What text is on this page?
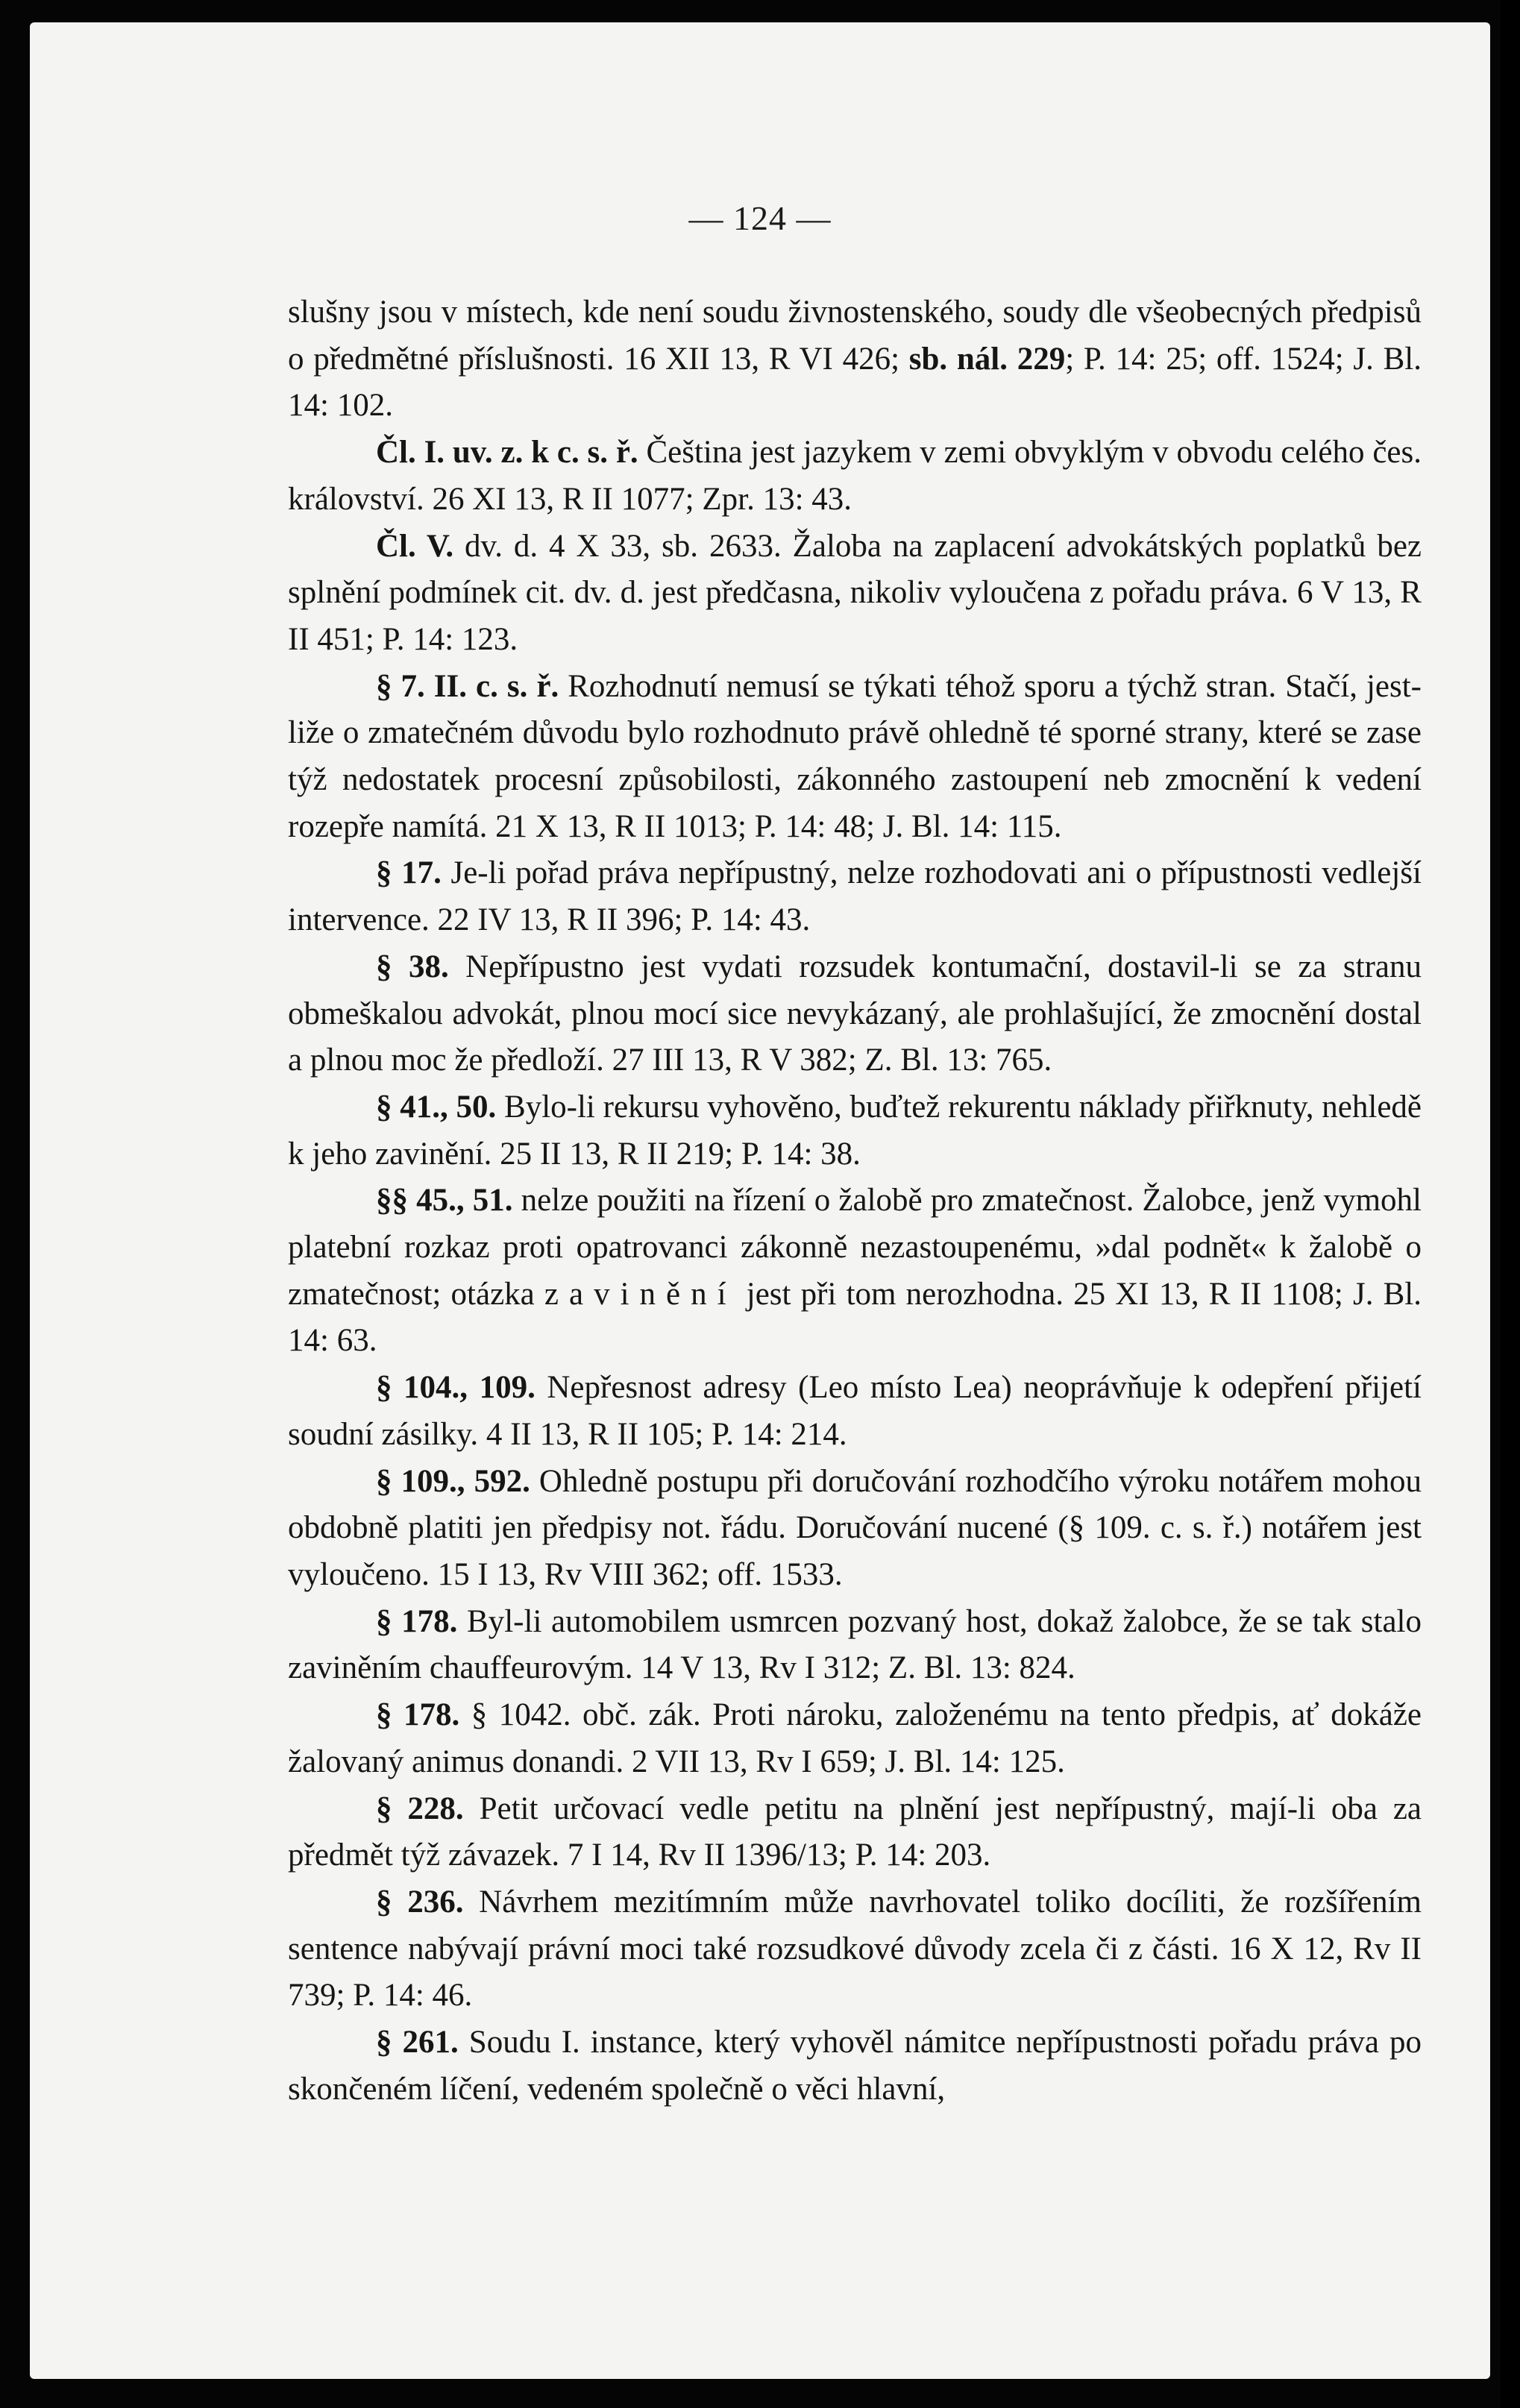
— 124 —

slušny jsou v místech, kde není soudu živnostenského, soudy dle všeobecných předpisů o předmětné příslušnosti. 16 XII 13, R VI 426; sb. nál. 229; P. 14: 25; off. 1524; J. Bl. 14: 102.

Čl. I. uv. z. k c. s. ř. Čeština jest jazykem v zemi obvyklým v obvodu celého čes. království. 26 XI 13, R II 1077; Zpr. 13: 43.

Čl. V. dv. d. 4 X 33, sb. 2633. Žaloba na zaplacení advokátských poplatků bez splnění podmínek cit. dv. d. jest předčasna, nikoliv vyloučena z pořadu práva. 6 V 13, R II 451; P. 14: 123.

§ 7. II. c. s. ř. Rozhodnutí nemusí se týkati téhož sporu a týchž stran. Stačí, jest-liže o zmatečném důvodu bylo rozhodnuto právě ohledně té sporné strany, které se zase týž nedostatek procesní způsobilosti, zákonného zastoupení neb zmocnění k vedení rozepře namítá. 21 X 13, R II 1013; P. 14: 48; J. Bl. 14: 115.

§ 17. Je-li pořad práva nepřípustný, nelze rozhodovati ani o přípustnosti vedlejší intervence. 22 IV 13, R II 396; P. 14: 43.

§ 38. Nepřípustno jest vydati rozsudek kontumační, dostavil-li se za stranu obmeškalou advokát, plnou mocí sice nevykázaný, ale prohlašující, že zmocnění dostal a plnou moc že předloží. 27 III 13, R V 382; Z. Bl. 13: 765.

§ 41., 50. Bylo-li rekursu vyhověno, buďtež rekurentu náklady přiřknuty, nehledě k jeho zavinění. 25 II 13, R II 219; P. 14: 38.

§§ 45., 51. nelze použiti na řízení o žalobě pro zmatečnost. Žalobce, jenž vymohl platební rozkaz proti opatrovanci zákonně nezastoupenému, »dal podnět« k žalobě o zmatečnost; otázka zavinění jest při tom nerozhodna. 25 XI 13, R II 1108; J. Bl. 14: 63.

§ 104., 109. Nepřesnost adresy (Leo místo Lea) neoprávňuje k odepření přijetí soudní zásilky. 4 II 13, R II 105; P. 14: 214.

§ 109., 592. Ohledně postupu při doručování rozhodčího výroku notářem mohou obdobně platiti jen předpisy not. řádu. Doručování nucené (§ 109. c. s. ř.) notářem jest vyloučeno. 15 I 13, Rv VIII 362; off. 1533.

§ 178. Byl-li automobilem usmrcen pozvaný host, dokaž žalobce, že se tak stalo zaviněním chauffeurovým. 14 V 13, Rv I 312; Z. Bl. 13: 824.

§ 178. § 1042. obč. zák. Proti nároku, založenému na tento předpis, ať dokáže žalovaný animus donandi. 2 VII 13, Rv I 659; J. Bl. 14: 125.

§ 228. Petit určovací vedle petitu na plnění jest nepřípustný, mají-li oba za předmět týž závazek. 7 I 14, Rv II 1396/13; P. 14: 203.

§ 236. Návrhem mezitímním může navrhovatel toliko docíliti, že rozšířením sentence nabývají právní moci také rozsudkové důvody zcela či z části. 16 X 12, Rv II 739; P. 14: 46.

§ 261. Soudu I. instance, který vyhověl námitce nepřípustnosti pořadu práva po skončeném líčení, vedeném společně o věci hlavní,
